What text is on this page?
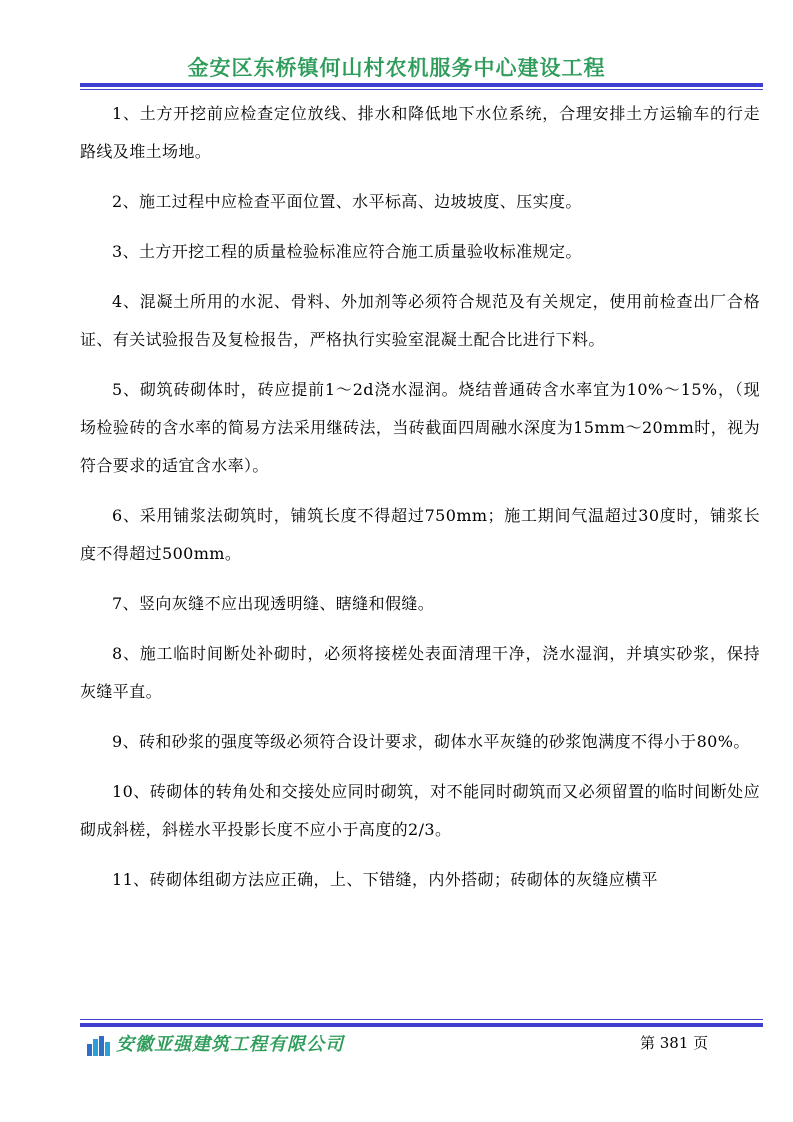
金安区东桥镇何山村农机服务中心建设工程

1、土方开挖前应检查定位放线、排水和降低地下水位系统，合理安排土方运输车的行走路线及堆土场地。

2、施工过程中应检查平面位置、水平标高、边坡坡度、压实度。

3、土方开挖工程的质量检验标准应符合施工质量验收标准规定。

4、混凝土所用的水泥、骨料、外加剂等必须符合规范及有关规定，使用前检查出厂合格证、有关试验报告及复检报告，严格执行实验室混凝土配合比进行下料。

5、砌筑砖砌体时，砖应提前1～2d浇水湿润。烧结普通砖含水率宜为10%～15%，（现场检验砖的含水率的简易方法采用继砖法，当砖截面四周融水深度为15mm～20mm时，视为符合要求的适宜含水率）。

6、采用铺浆法砌筑时，铺筑长度不得超过750mm；施工期间气温超过30度时，铺浆长度不得超过500mm。

7、竖向灰缝不应出现透明缝、瞎缝和假缝。

8、施工临时间断处补砌时，必须将接槎处表面清理干净，浇水湿润，并填实砂浆，保持灰缝平直。

9、砖和砂浆的强度等级必须符合设计要求，砌体水平灰缝的砂浆饱满度不得小于80%。

10、砖砌体的转角处和交接处应同时砌筑，对不能同时砌筑而又必须留置的临时间断处应砌成斜槎，斜槎水平投影长度不应小于高度的2/3。

11、砖砌体组砌方法应正确，上、下错缝，内外搭砌；砖砌体的灰缝应横平

安徽亚强建筑工程有限公司	第 381 页
